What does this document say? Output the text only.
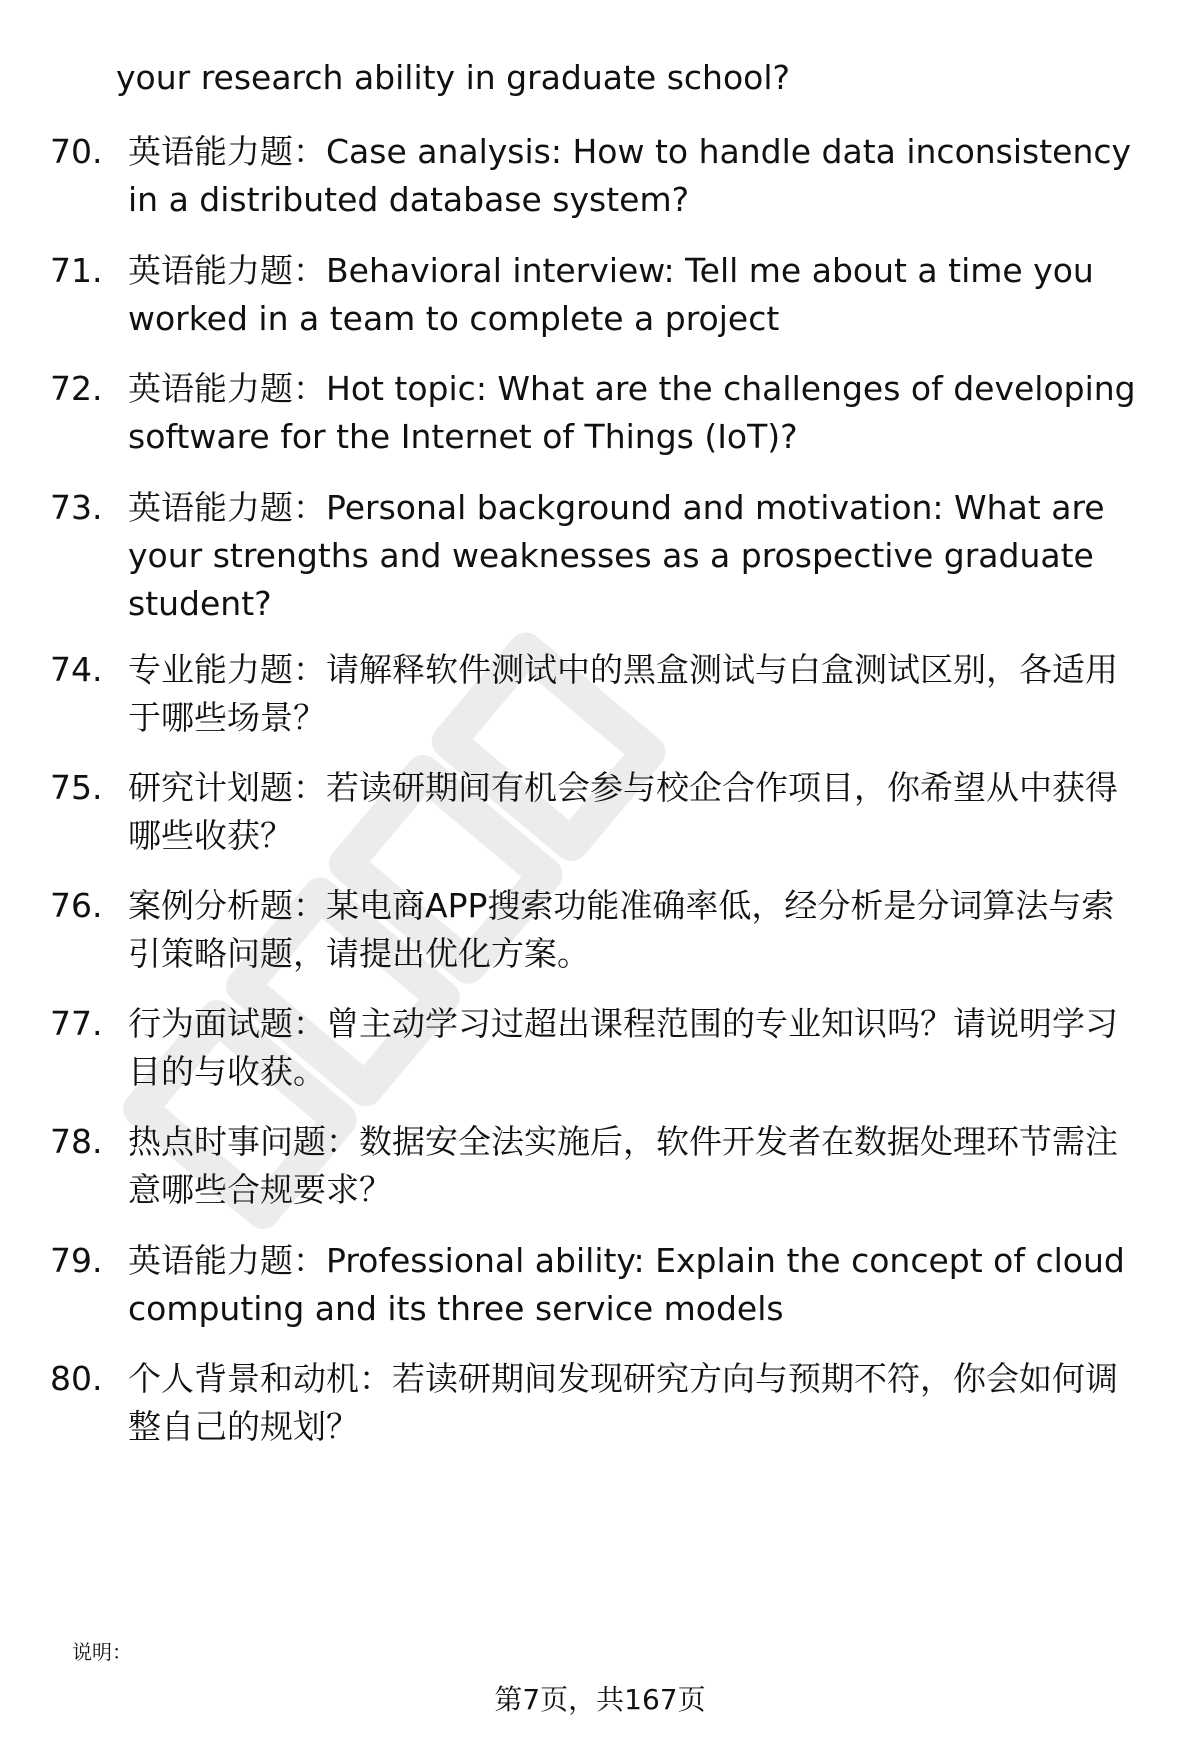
your research ability in graduate school?
70. 英语能力题：Case analysis: How to handle data inconsistency in a distributed database system?
71. 英语能力题：Behavioral interview: Tell me about a time you worked in a team to complete a project
72. 英语能力题：Hot topic: What are the challenges of developing software for the Internet of Things (IoT)?
73. 英语能力题：Personal background and motivation: What are your strengths and weaknesses as a prospective graduate student?
74. 专业能力题：请解释软件测试中的黑盒测试与白盒测试区别，各适用于哪些场景？
75. 研究计划题：若读研期间有机会参与校企合作项目，你希望从中获得哪些收获？
76. 案例分析题：某电商APP搜索功能准确率低，经分析是分词算法与索引策略问题，请提出优化方案。
77. 行为面试题：曾主动学习过超出课程范围的专业知识吗？请说明学习目的与收获。
78. 热点时事问题：数据安全法实施后，软件开发者在数据处理环节需注意哪些合规要求？
79. 英语能力题：Professional ability: Explain the concept of cloud computing and its three service models
80. 个人背景和动机：若读研期间发现研究方向与预期不符，你会如何调整自己的规划？
说明：
第7页，共167页
